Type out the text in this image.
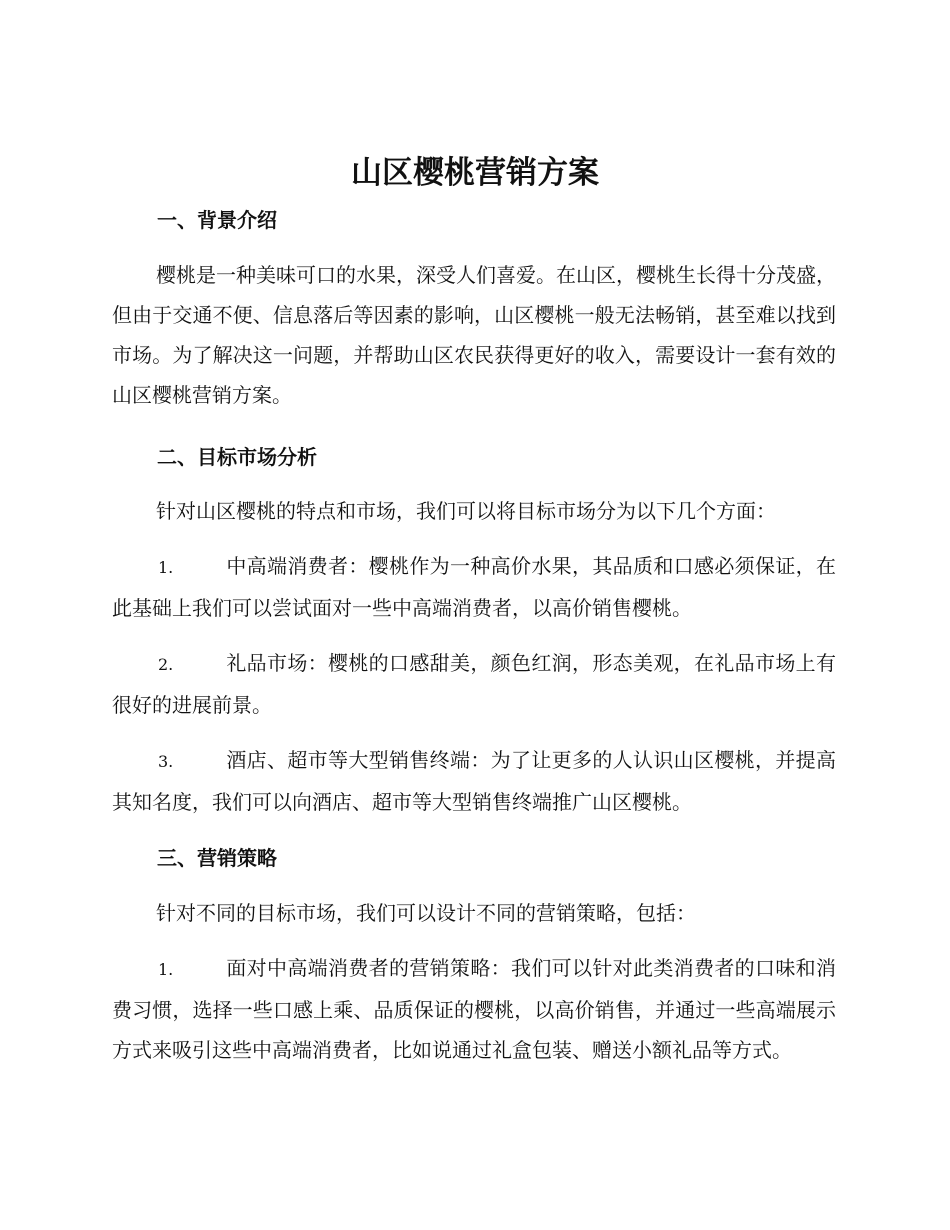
山区樱桃营销方案
一、背景介绍

樱桃是一种美味可口的水果，深受人们喜爱。在山区，樱桃生长得十分茂盛，但由于交通不便、信息落后等因素的影响，山区樱桃一般无法畅销，甚至难以找到市场。为了解决这一问题，并帮助山区农民获得更好的收入，需要设计一套有效的山区樱桃营销方案。

二、目标市场分析

针对山区樱桃的特点和市场，我们可以将目标市场分为以下几个方面：

1.	中高端消费者：樱桃作为一种高价水果，其品质和口感必须保证，在此基础上我们可以尝试面对一些中高端消费者，以高价销售樱桃。

2.	礼品市场：樱桃的口感甜美，颜色红润，形态美观，在礼品市场上有很好的进展前景。

3.	酒店、超市等大型销售终端：为了让更多的人认识山区樱桃，并提高其知名度，我们可以向酒店、超市等大型销售终端推广山区樱桃。

三、营销策略

针对不同的目标市场，我们可以设计不同的营销策略，包括：

1.	面对中高端消费者的营销策略：我们可以针对此类消费者的口味和消费习惯，选择一些口感上乘、品质保证的樱桃，以高价销售，并通过一些高端展示方式来吸引这些中高端消费者，比如说通过礼盒包装、赠送小额礼品等方式。
